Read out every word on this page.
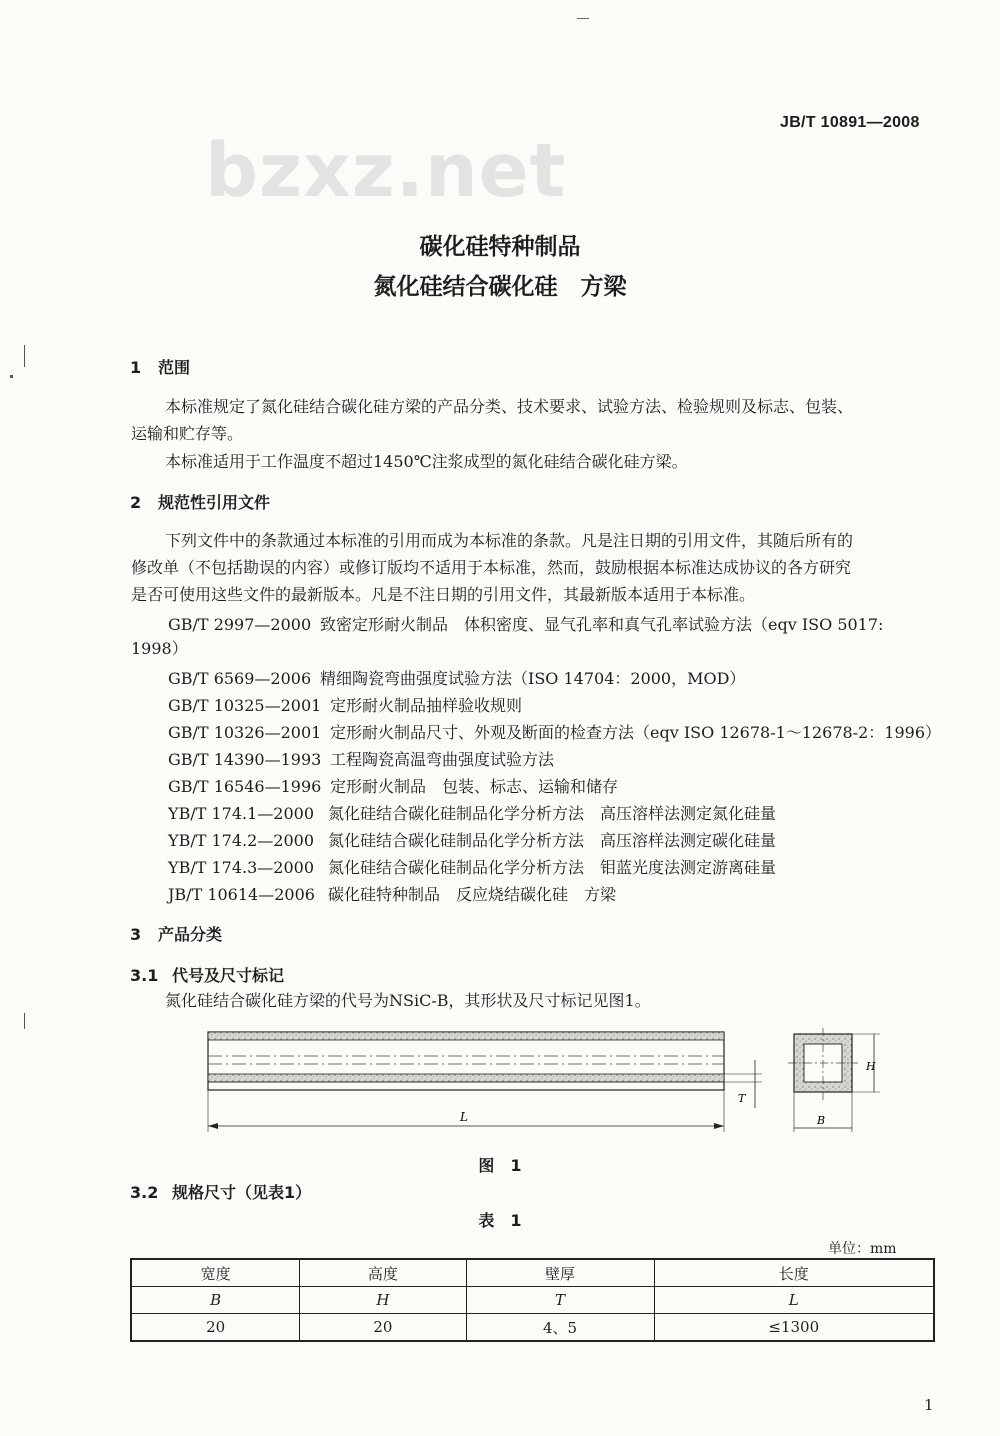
JB/T 10891—2008
bzxz.net
碳化硅特种制品
氮化硅结合碳化硅　方梁
1 范围
本标准规定了氮化硅结合碳化硅方梁的产品分类、技术要求、试验方法、检验规则及标志、包装、
运输和贮存等。
本标准适用于工作温度不超过1450℃注浆成型的氮化硅结合碳化硅方梁。
2 规范性引用文件
下列文件中的条款通过本标准的引用而成为本标准的条款。凡是注日期的引用文件，其随后所有的
修改单（不包括勘误的内容）或修订版均不适用于本标准，然而，鼓励根据本标准达成协议的各方研究
是否可使用这些文件的最新版本。凡是不注日期的引用文件，其最新版本适用于本标准。
GB/T 2997—2000 致密定形耐火制品　体积密度、显气孔率和真气孔率试验方法（eqv ISO 5017:
1998）
GB/T 6569—2006 精细陶瓷弯曲强度试验方法（ISO 14704：2000，MOD）
GB/T 10325—2001 定形耐火制品抽样验收规则
GB/T 10326—2001 定形耐火制品尺寸、外观及断面的检查方法（eqv ISO 12678-1～12678-2：1996）
GB/T 14390—1993 工程陶瓷高温弯曲强度试验方法
GB/T 16546—1996 定形耐火制品　包装、标志、运输和储存
YB/T 174.1—2000 氮化硅结合碳化硅制品化学分析方法　高压溶样法测定氮化硅量
YB/T 174.2—2000 氮化硅结合碳化硅制品化学分析方法　高压溶样法测定碳化硅量
YB/T 174.3—2000 氮化硅结合碳化硅制品化学分析方法　钼蓝光度法测定游离硅量
JB/T 10614—2006 碳化硅特种制品　反应烧结碳化硅　方梁
3 产品分类
3.1 代号及尺寸标记
氮化硅结合碳化硅方梁的代号为NSiC-B，其形状及尺寸标记见图1。
L
T
H
B
图　1
3.2 规格尺寸（见表1）
表　1
单位：mm
宽度	高度	壁厚	长度
B	H	T	L
20	20	4、5	≤1300
1
